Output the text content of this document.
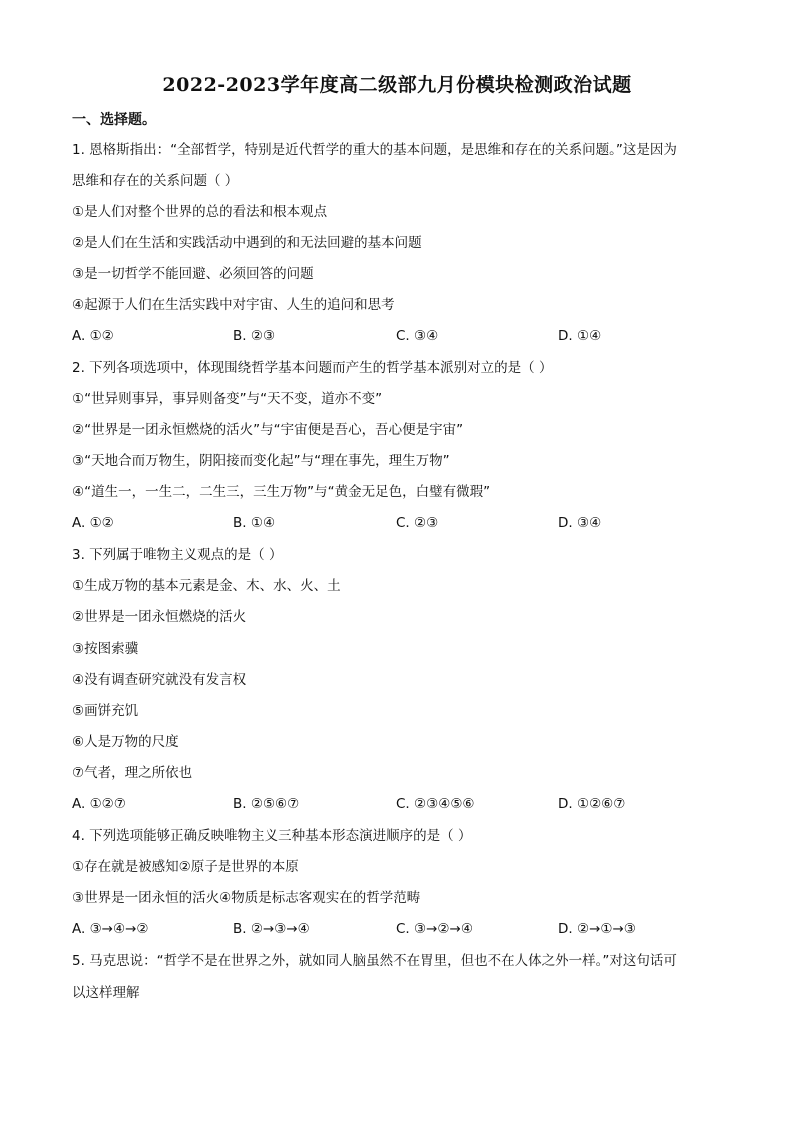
2022-2023学年度高二级部九月份模块检测政治试题
一、选择题。
1. 恩格斯指出：“全部哲学，特别是近代哲学的重大的基本问题，是思维和存在的关系问题。”这是因为
思维和存在的关系问题（ ）
①是人们对整个世界的总的看法和根本观点
②是人们在生活和实践活动中遇到的和无法回避的基本问题
③是一切哲学不能回避、必须回答的问题
④起源于人们在生活实践中对宇宙、人生的追问和思考
A. ①②	B. ②③	C. ③④	D. ①④
2. 下列各项选项中，体现围绕哲学基本问题而产生的哲学基本派别对立的是（ ）
①“世异则事异，事异则备变”与“天不变，道亦不变”
②“世界是一团永恒燃烧的活火”与“宇宙便是吾心，吾心便是宇宙”
③“天地合而万物生，阴阳接而变化起”与“理在事先，理生万物”
④“道生一，一生二，二生三，三生万物”与“黄金无足色，白璧有微瑕”
A. ①②	B. ①④	C. ②③	D. ③④
3. 下列属于唯物主义观点的是（ ）
①生成万物的基本元素是金、木、水、火、土
②世界是一团永恒燃烧的活火
③按图索骥
④没有调查研究就没有发言权
⑤画饼充饥
⑥人是万物的尺度
⑦气者，理之所依也
A. ①②⑦	B. ②⑤⑥⑦	C. ②③④⑤⑥	D. ①②⑥⑦
4. 下列选项能够正确反映唯物主义三种基本形态演进顺序的是（ ）
①存在就是被感知②原子是世界的本原
③世界是一团永恒的活火④物质是标志客观实在的哲学范畴
A. ③→④→②	B. ②→③→④	C. ③→②→④	D. ②→①→③
5. 马克思说：“哲学不是在世界之外，就如同人脑虽然不在胃里，但也不在人体之外一样。”对这句话可
以这样理解
